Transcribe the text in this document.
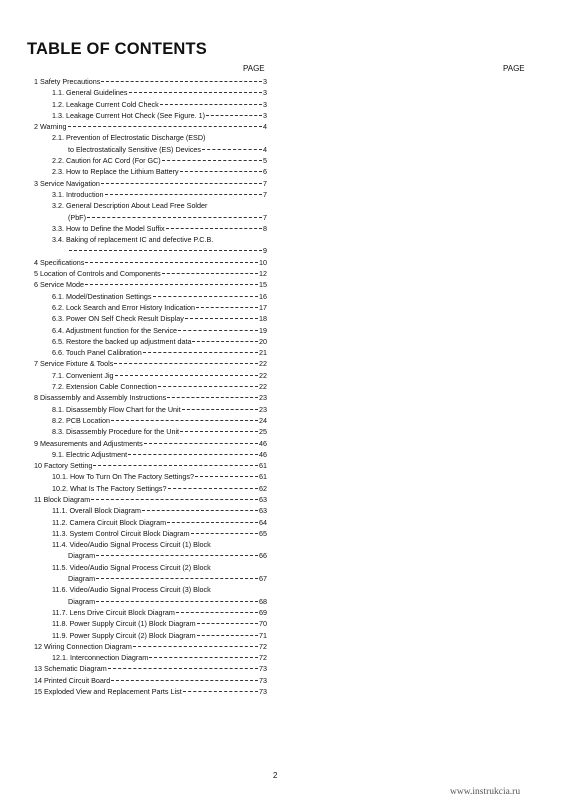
TABLE OF CONTENTS
PAGE	PAGE
1 Safety Precautions	3
1.1. General Guidelines	3
1.2. Leakage Current Cold Check	3
1.3. Leakage Current Hot Check (See Figure. 1)	3
2 Warning	4
2.1. Prevention of Electrostatic Discharge (ESD)
to Electrostatically Sensitive (ES) Devices	4
2.2. Caution for AC Cord (For GC)	5
2.3. How to Replace the Lithium Battery	6
3 Service Navigation	7
3.1. Introduction	7
3.2. General Description About Lead Free Solder
(PbF)	7
3.3. How to Define the Model Suffix	8
3.4. Baking of replacement IC and defective P.C.B.
9
4 Specifications	10
5 Location of Controls and Components	12
6 Service Mode	15
6.1. Model/Destination Settings	16
6.2. Lock Search and Error History Indication	17
6.3. Power ON Self Check Result Display	18
6.4. Adjustment function for the Service	19
6.5. Restore the backed up adjustment data	20
6.6. Touch Panel Calibration	21
7 Service Fixture & Tools	22
7.1. Convenient Jig	22
7.2. Extension Cable Connection	22
8 Disassembly and Assembly Instructions	23
8.1. Disassembly Flow Chart for the Unit	23
8.2. PCB Location	24
8.3. Disassembly Procedure for the Unit	25
9 Measurements and Adjustments	46
9.1. Electric Adjustment	46
10 Factory Setting	61
10.1. How To Turn On The Factory Settings?	61
10.2. What Is The Factory Settings?	62
11 Block Diagram	63
11.1. Overall Block Diagram	63
11.2. Camera Circuit Block Diagram	64
11.3. System Control Circuit Block Diagram	65
11.4. Video/Audio Signal Process Circuit (1) Block
Diagram	66
11.5. Video/Audio Signal Process Circuit (2) Block
Diagram	67
11.6. Video/Audio Signal Process Circuit (3) Block
Diagram	68
11.7. Lens Drive Circuit Block Diagram	69
11.8. Power Supply Circuit (1) Block Diagram	70
11.9. Power Supply Circuit (2) Block Diagram	71
12 Wiring Connection Diagram	72
12.1. Interconnection Diagram	72
13 Schematic Diagram	73
14 Printed Circuit Board	73
15 Exploded View and Replacement Parts List	73
2
www.instrukcia.ru
